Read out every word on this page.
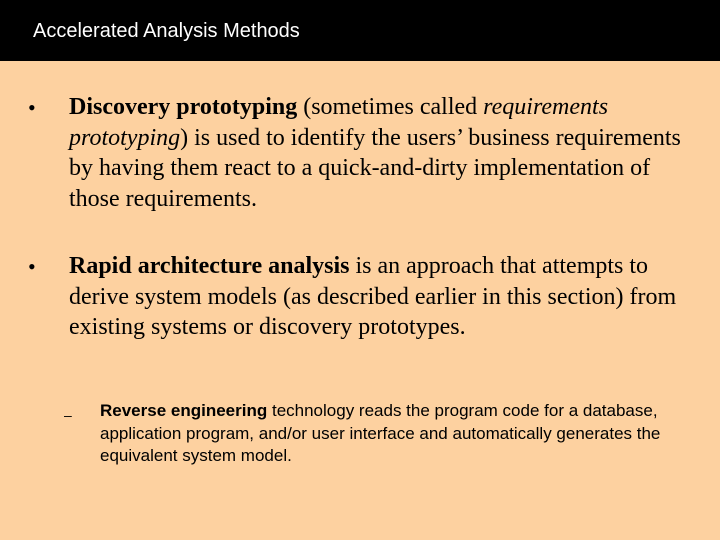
Accelerated Analysis Methods
• Discovery prototyping (sometimes called requirements prototyping) is used to identify the users’ business requirements by having them react to a quick-and-dirty implementation of those requirements.
• Rapid architecture analysis is an approach that attempts to derive system models (as described earlier in this section) from existing systems or discovery prototypes.
– Reverse engineering technology reads the program code for a database, application program, and/or user interface and automatically generates the equivalent system model.
